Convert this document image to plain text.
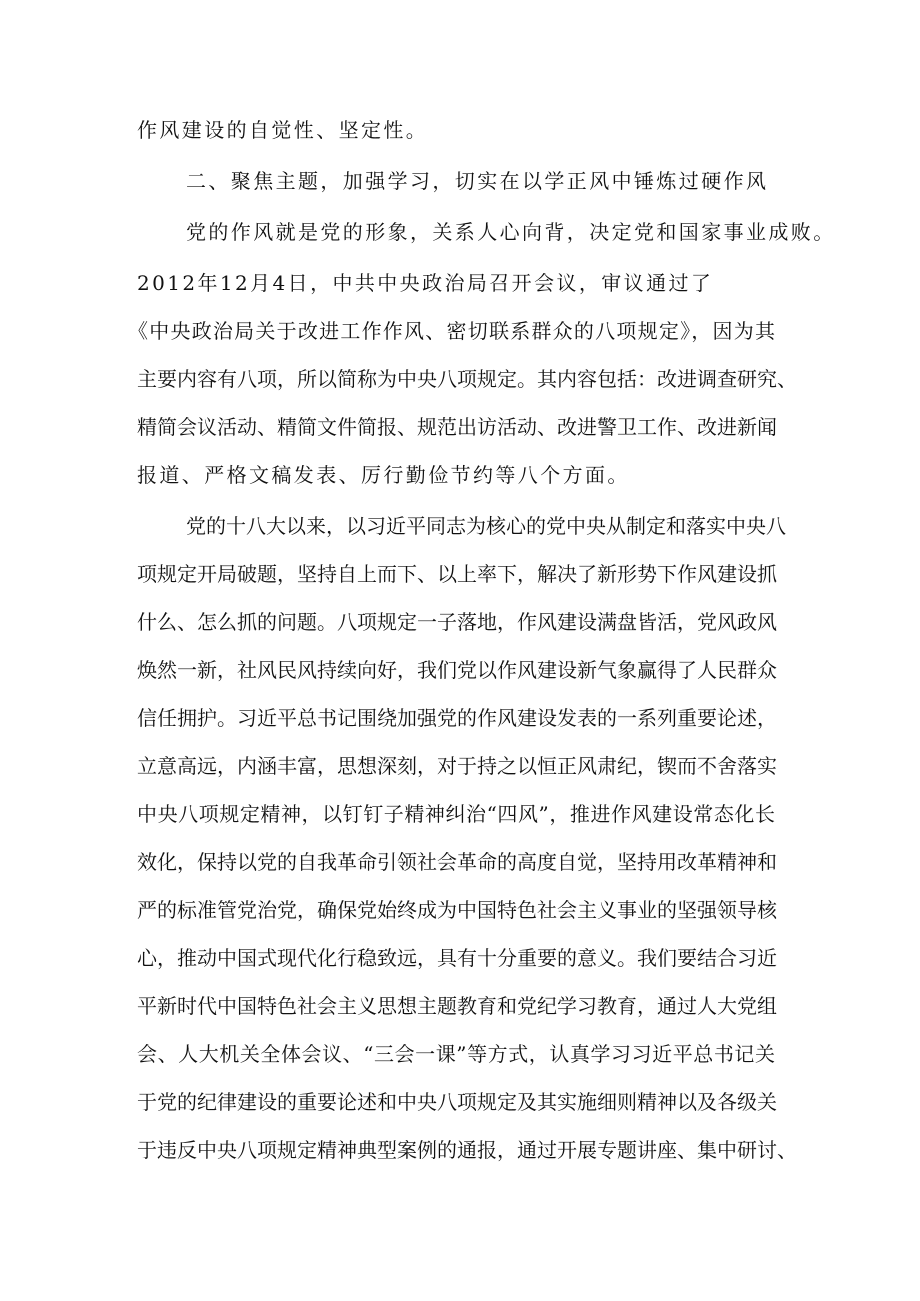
作风建设的自觉性、坚定性。
二、聚焦主题，加强学习，切实在以学正风中锤炼过硬作风
党的作风就是党的形象，关系人心向背，决定党和国家事业成败。
2012年12月4日，中共中央政治局召开会议，审议通过了
《中央政治局关于改进工作作风、密切联系群众的八项规定》，因为其
主要内容有八项，所以简称为中央八项规定。其内容包括：改进调查研究、
精简会议活动、精简文件简报、规范出访活动、改进警卫工作、改进新闻
报道、严格文稿发表、厉行勤俭节约等八个方面。
党的十八大以来，以习近平同志为核心的党中央从制定和落实中央八
项规定开局破题，坚持自上而下、以上率下，解决了新形势下作风建设抓
什么、怎么抓的问题。八项规定一子落地，作风建设满盘皆活，党风政风
焕然一新，社风民风持续向好，我们党以作风建设新气象赢得了人民群众
信任拥护。习近平总书记围绕加强党的作风建设发表的一系列重要论述，
立意高远，内涵丰富，思想深刻，对于持之以恒正风肃纪，锲而不舍落实
中央八项规定精神，以钉钉子精神纠治“四风”，推进作风建设常态化长
效化，保持以党的自我革命引领社会革命的高度自觉，坚持用改革精神和
严的标准管党治党，确保党始终成为中国特色社会主义事业的坚强领导核
心，推动中国式现代化行稳致远，具有十分重要的意义。我们要结合习近
平新时代中国特色社会主义思想主题教育和党纪学习教育，通过人大党组
会、人大机关全体会议、“三会一课”等方式，认真学习习近平总书记关
于党的纪律建设的重要论述和中央八项规定及其实施细则精神以及各级关
于违反中央八项规定精神典型案例的通报，通过开展专题讲座、集中研讨、
